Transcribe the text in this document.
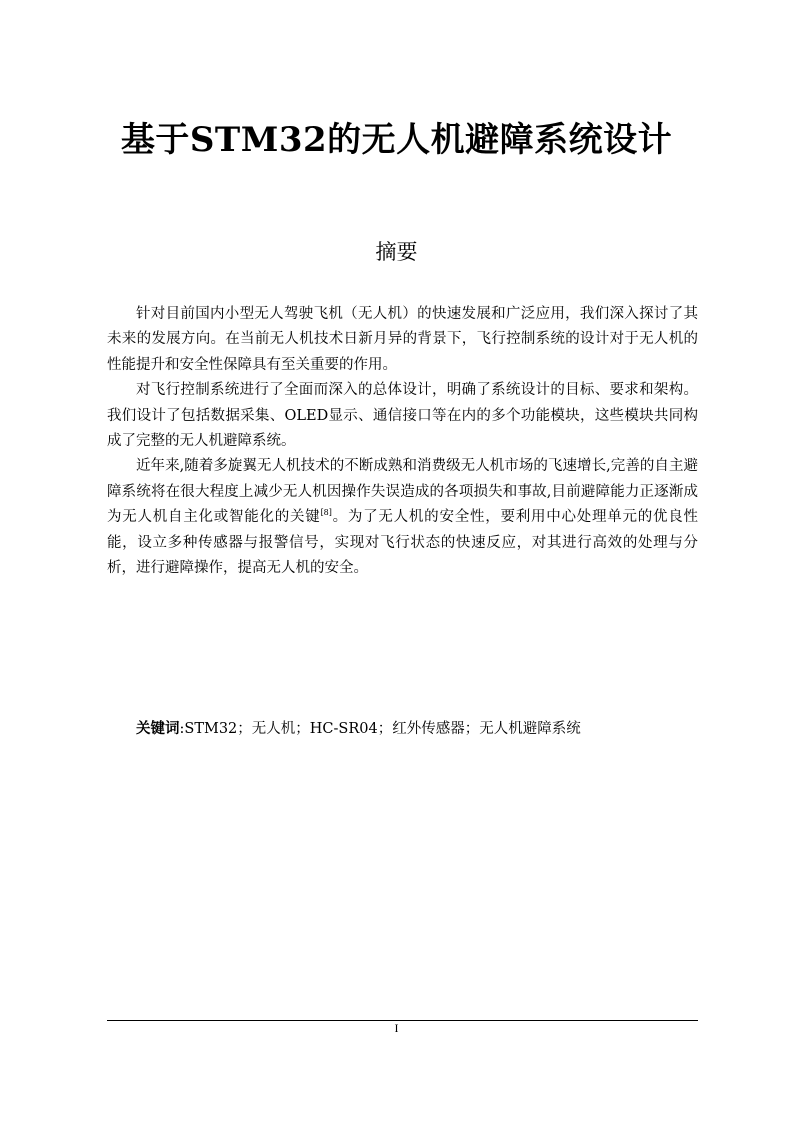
基于STM32的无人机避障系统设计
摘要

针对目前国内小型无人驾驶飞机（无人机）的快速发展和广泛应用，我们深入探讨了其未来的发展方向。在当前无人机技术日新月异的背景下，飞行控制系统的设计对于无人机的性能提升和安全性保障具有至关重要的作用。

对飞行控制系统进行了全面而深入的总体设计，明确了系统设计的目标、要求和架构。我们设计了包括数据采集、OLED显示、通信接口等在内的多个功能模块，这些模块共同构成了完整的无人机避障系统。

近年来,随着多旋翼无人机技术的不断成熟和消费级无人机市场的飞速增长,完善的自主避障系统将在很大程度上减少无人机因操作失误造成的各项损失和事故,目前避障能力正逐渐成为无人机自主化或智能化的关键[8]。为了无人机的安全性，要利用中心处理单元的优良性能，设立多种传感器与报警信号，实现对飞行状态的快速反应，对其进行高效的处理与分析，进行避障操作，提高无人机的安全。

关键词:STM32；无人机；HC-SR04；红外传感器；无人机避障系统
I
